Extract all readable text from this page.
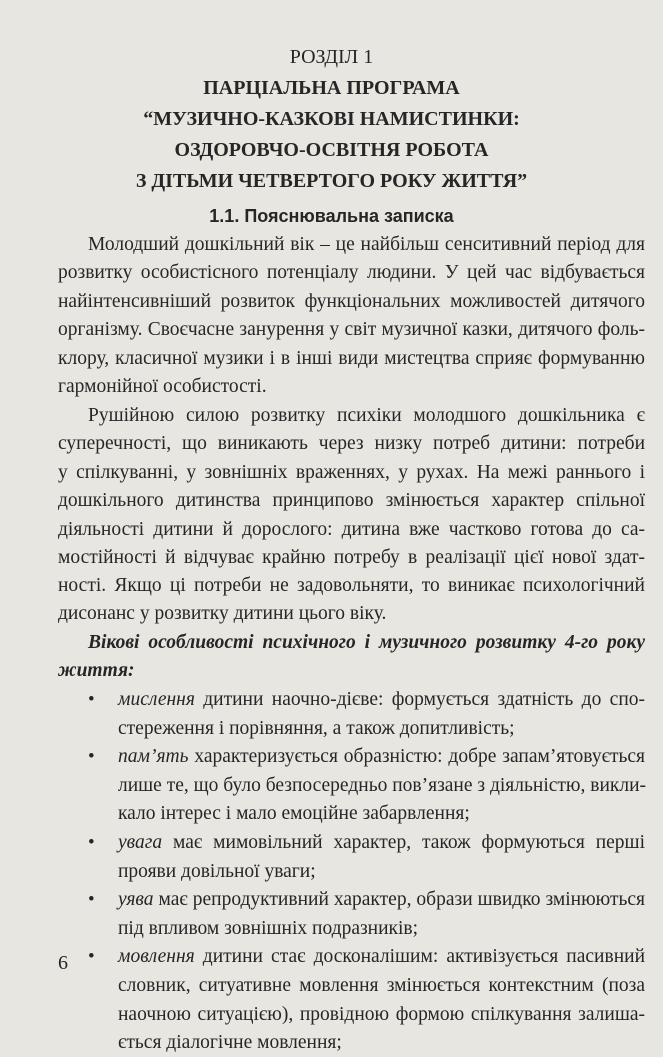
РОЗДІЛ 1
ПАРЦІАЛЬНА ПРОГРАМА
“МУЗИЧНО-КАЗКОВІ НАМИСТИНКИ:
ОЗДОРОВЧО-ОСВІТНЯ РОБОТА
З ДІТЬМИ ЧЕТВЕРТОГО РОКУ ЖИТТЯ”
1.1. Пояснювальна записка
Молодший дошкільний вік – це найбільш сенситивний період для
розвитку особистісного потенціалу людини. У цей час відбувається
найінтенсивніший розвиток функціональних можливостей дитячого
організму. Своєчасне занурення у світ музичної казки, дитячого фоль-
клору, класичної музики і в інші види мистецтва сприяє формуванню
гармонійної особистості.
Рушійною силою розвитку психіки молодшого дошкільника є
суперечності, що виникають через низку потреб дитини: потреби
у спілкуванні, у зовнішніх враженнях, у рухах. На межі раннього і
дошкільного дитинства принципово змінюється характер спільної
діяльності дитини й дорослого: дитина вже частково готова до са-
мостійності й відчуває крайню потребу в реалізації цієї нової здат-
ності. Якщо ці потреби не задовольняти, то виникає психологічний
дисонанс у розвитку дитини цього віку.
Вікові особливості психічного і музичного розвитку 4-го року
життя:
• мислення дитини наочно-дієве: формується здатність до спо-
стереження і порівняння, а також допитливість;
• пам’ять характеризується образністю: добре запам’ятовується
лише те, що було безпосередньо пов’язане з діяльністю, викли-
кало інтерес і мало емоційне забарвлення;
• увага має мимовільний характер, також формуються перші
прояви довільної уваги;
• уява має репродуктивний характер, образи швидко змінюються
під впливом зовнішніх подразників;
• мовлення дитини стає досконалішим: активізується пасивний
словник, ситуативне мовлення змінюється контекстним (поза
наочною ситуацією), провідною формою спілкування залиша-
ється діалогічне мовлення;
6
